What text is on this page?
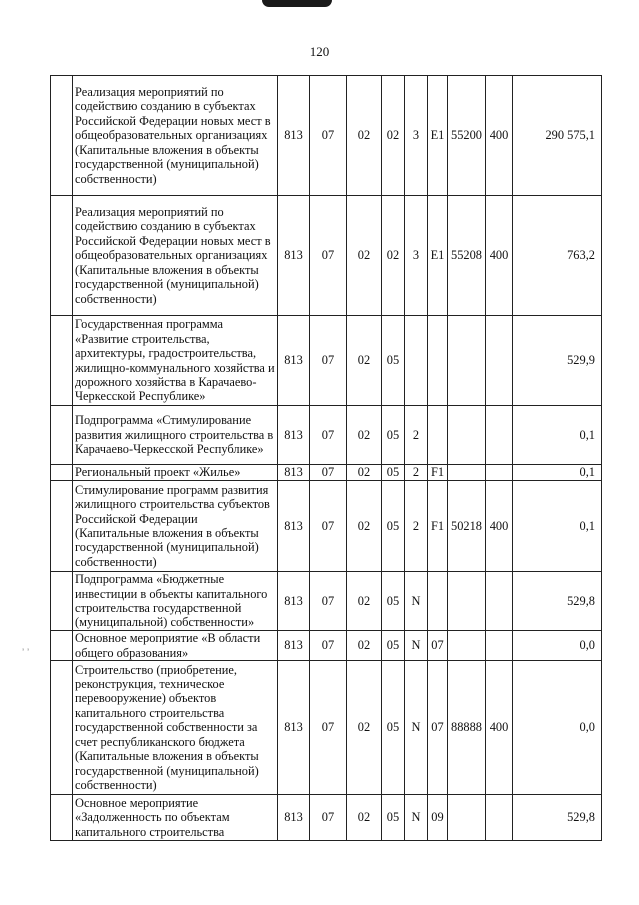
120
ʼ ʼ
	Реализация мероприятий по содействию созданию в субъектах Российской Федерации новых мест в общеобразовательных организациях (Капитальные вложения в объекты государственной (муниципальной) собственности)	813	07	02	02	3	E1	55200	400	290 575,1
	Реализация мероприятий по содействию созданию в субъектах Российской Федерации новых мест в общеобразовательных организациях (Капитальные вложения в объекты государственной (муниципальной) собственности)	813	07	02	02	3	E1	55208	400	763,2
	Государственная программа «Развитие строительства, архитектуры, градостроительства, жилищно-коммунального хозяйства и дорожного хозяйства в Карачаево-Черкесской Республике»	813	07	02	05					529,9
	Подпрограмма «Стимулирование развития жилищного строительства в Карачаево-Черкесской Республике»	813	07	02	05	2				0,1
	Региональный проект «Жилье»	813	07	02	05	2	F1			0,1
	Стимулирование программ развития жилищного строительства субъектов Российской Федерации (Капитальные вложения в объекты государственной (муниципальной) собственности)	813	07	02	05	2	F1	50218	400	0,1
	Подпрограмма «Бюджетные инвестиции в объекты капитального строительства государственной (муниципальной) собственности»	813	07	02	05	N				529,8
	Основное мероприятие «В области общего образования»	813	07	02	05	N	07			0,0
	Строительство (приобретение, реконструкция, техническое перевооружение) объектов капитального строительства государственной собственности за счет республиканского бюджета (Капитальные вложения в объекты государственной (муниципальной) собственности)	813	07	02	05	N	07	88888	400	0,0
	Основное мероприятие «Задолженность по объектам капитального строительства	813	07	02	05	N	09			529,8
